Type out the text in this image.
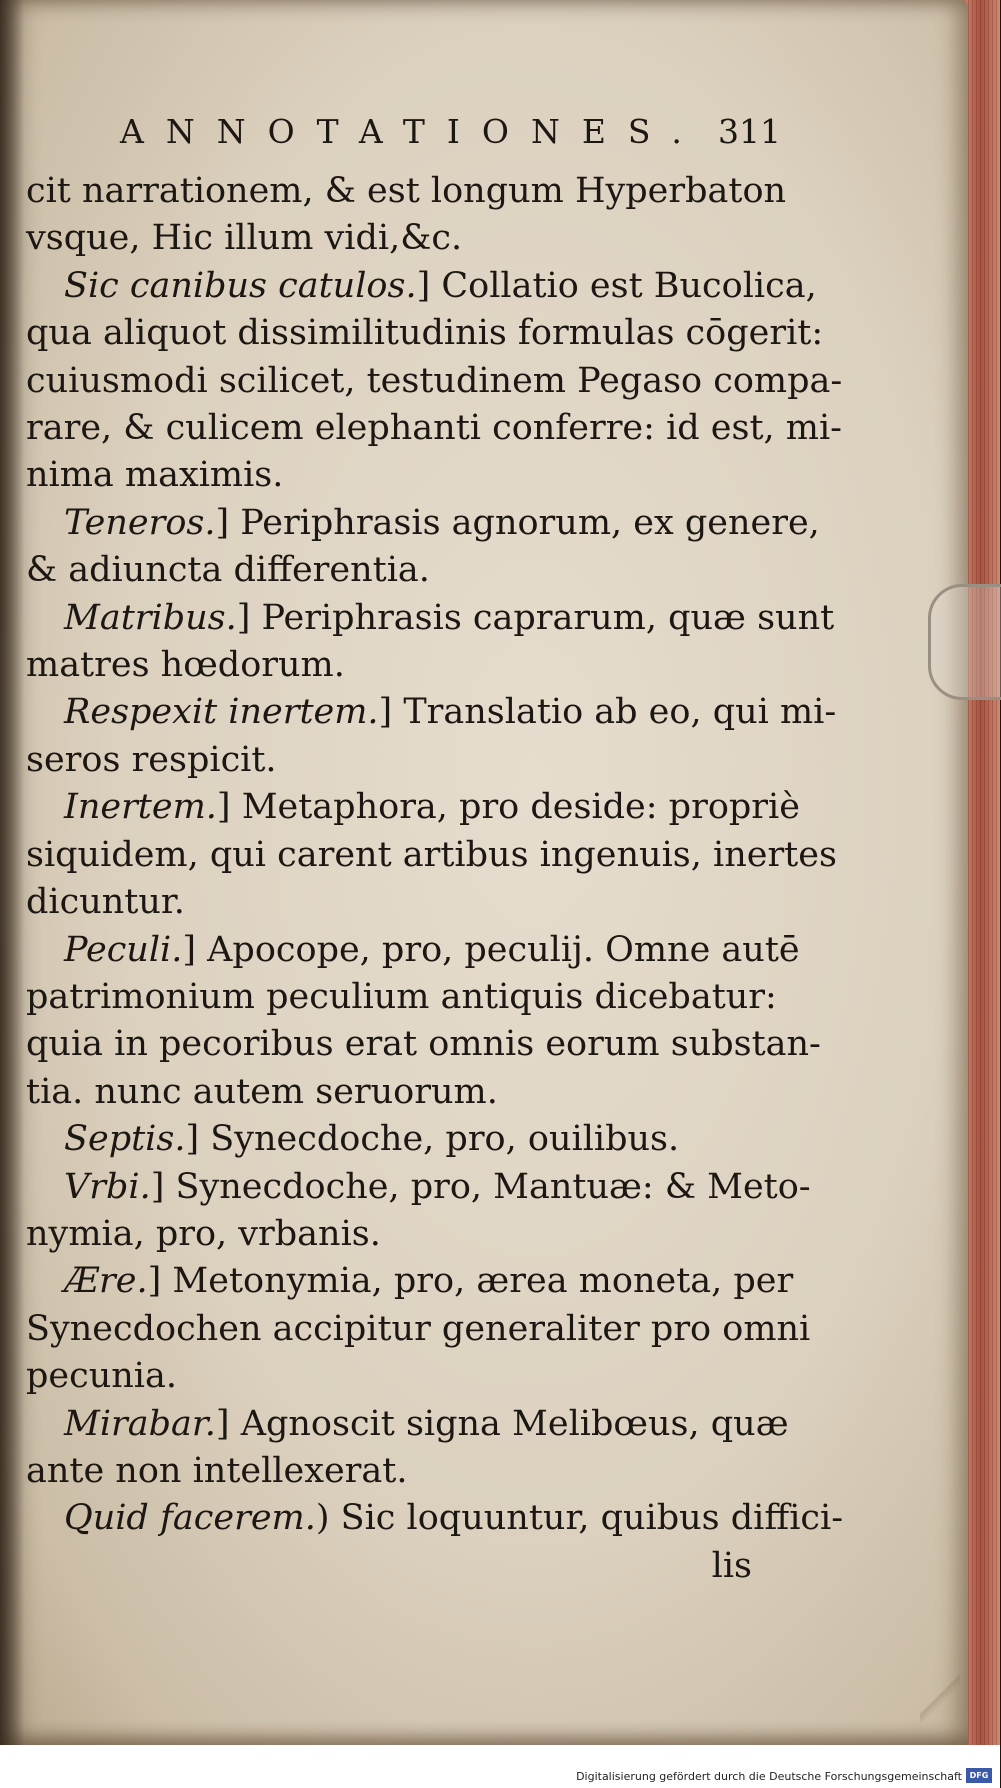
ANNOTATIONES. 311

cit narrationem, & est longum Hyperbaton
vsque, Hic illum vidi,&c.

Sic canibus catulos.] Collatio est Bucolica,
qua aliquot dissimilitudinis formulas cōgerit:
cuiusmodi scilicet, testudinem Pegaso compa-
rare, & culicem elephanti conferre: id est, mi-
nima maximis.

Teneros.] Periphrasis agnorum, ex genere,
& adiuncta differentia.

Matribus.] Periphrasis caprarum, quæ sunt
matres hœdorum.

Respexit inertem.] Translatio ab eo, qui mi-
seros respicit.

Inertem.] Metaphora, pro deside: propriè
siquidem, qui carent artibus ingenuis, inertes
dicuntur.

Peculi.] Apocope, pro, peculij. Omne autē
patrimonium peculium antiquis dicebatur:
quia in pecoribus erat omnis eorum substan-
tia. nunc autem seruorum.

Septis.] Synecdoche, pro, ouilibus.

Vrbi.] Synecdoche, pro, Mantuæ: & Meto-
nymia, pro, vrbanis.

Ære.] Metonymia, pro, ærea moneta, per
Synecdochen accipitur generaliter pro omni
pecunia.

Mirabar.] Agnoscit signa Melibœus, quæ
ante non intellexerat.

Quid facerem.) Sic loquuntur, quibus diffici-
lis

Digitalisierung gefördert durch die Deutsche Forschungsgemeinschaft DFG
